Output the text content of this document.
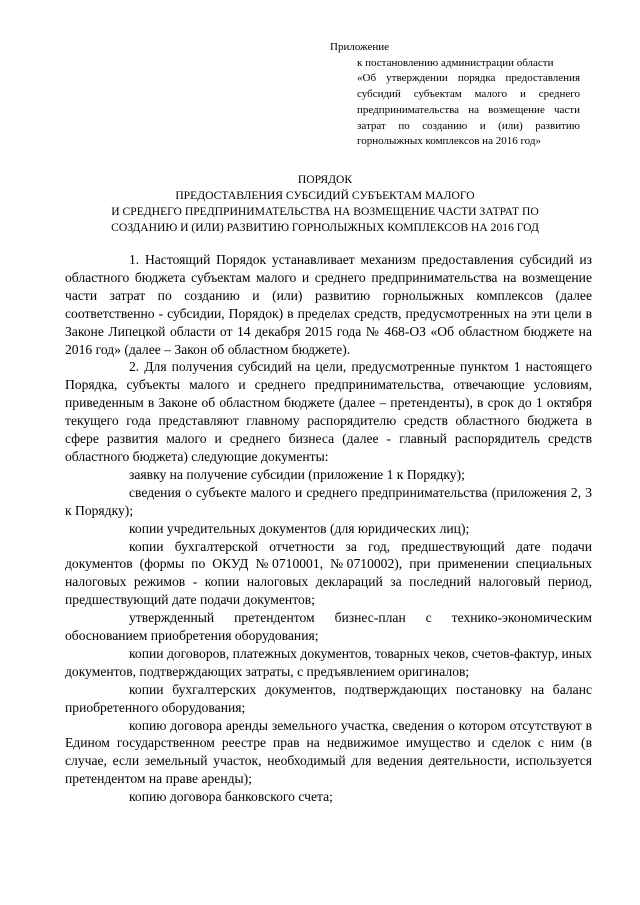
Приложение

к постановлению администрации области

«Об утверждении порядка предоставления субсидий субъектам малого и среднего предпринимательства на возмещение части затрат по созданию и (или) развитию горнолыжных комплексов на 2016 год»

ПОРЯДОК

ПРЕДОСТАВЛЕНИЯ СУБСИДИЙ СУБЪЕКТАМ МАЛОГО

И СРЕДНЕГО ПРЕДПРИНИМАТЕЛЬСТВА НА ВОЗМЕЩЕНИЕ ЧАСТИ ЗАТРАТ ПО

СОЗДАНИЮ И (ИЛИ) РАЗВИТИЮ ГОРНОЛЫЖНЫХ КОМПЛЕКСОВ НА 2016 ГОД

1. Настоящий Порядок устанавливает механизм предоставления субсидий из областного бюджета субъектам малого и среднего предпринимательства на возмещение части затрат по созданию и (или) развитию горнолыжных комплексов (далее соответственно - субсидии, Порядок) в пределах средств, предусмотренных на эти цели в Законе Липецкой области от 14 декабря 2015 года № 468-ОЗ «Об областном бюджете на 2016 год» (далее – Закон об областном бюджете).

2. Для получения субсидий на цели, предусмотренные пунктом 1 настоящего Порядка, субъекты малого и среднего предпринимательства, отвечающие условиям, приведенным в Законе об областном бюджете (далее – претенденты), в срок до 1 октября текущего года представляют главному распорядителю средств областного бюджета в сфере развития малого и среднего бизнеса (далее - главный распорядитель средств областного бюджета) следующие документы:

заявку на получение субсидии (приложение 1 к Порядку);

сведения о субъекте малого и среднего предпринимательства (приложения 2, 3 к Порядку);

копии учредительных документов (для юридических лиц);

копии бухгалтерской отчетности за год, предшествующий дате подачи документов (формы по ОКУД №0710001, №0710002), при применении специальных налоговых режимов - копии налоговых деклараций за последний налоговый период, предшествующий дате подачи документов;

утвержденный претендентом бизнес-план с технико-экономическим обоснованием приобретения оборудования;

копии договоров, платежных документов, товарных чеков, счетов-фактур, иных документов, подтверждающих затраты, с предъявлением оригиналов;

копии бухгалтерских документов, подтверждающих постановку на баланс приобретенного оборудования;

копию договора аренды земельного участка, сведения о котором отсутствуют в Едином государственном реестре прав на недвижимое имущество и сделок с ним (в случае, если земельный участок, необходимый для ведения деятельности, используется претендентом на праве аренды);

копию договора банковского счета;
